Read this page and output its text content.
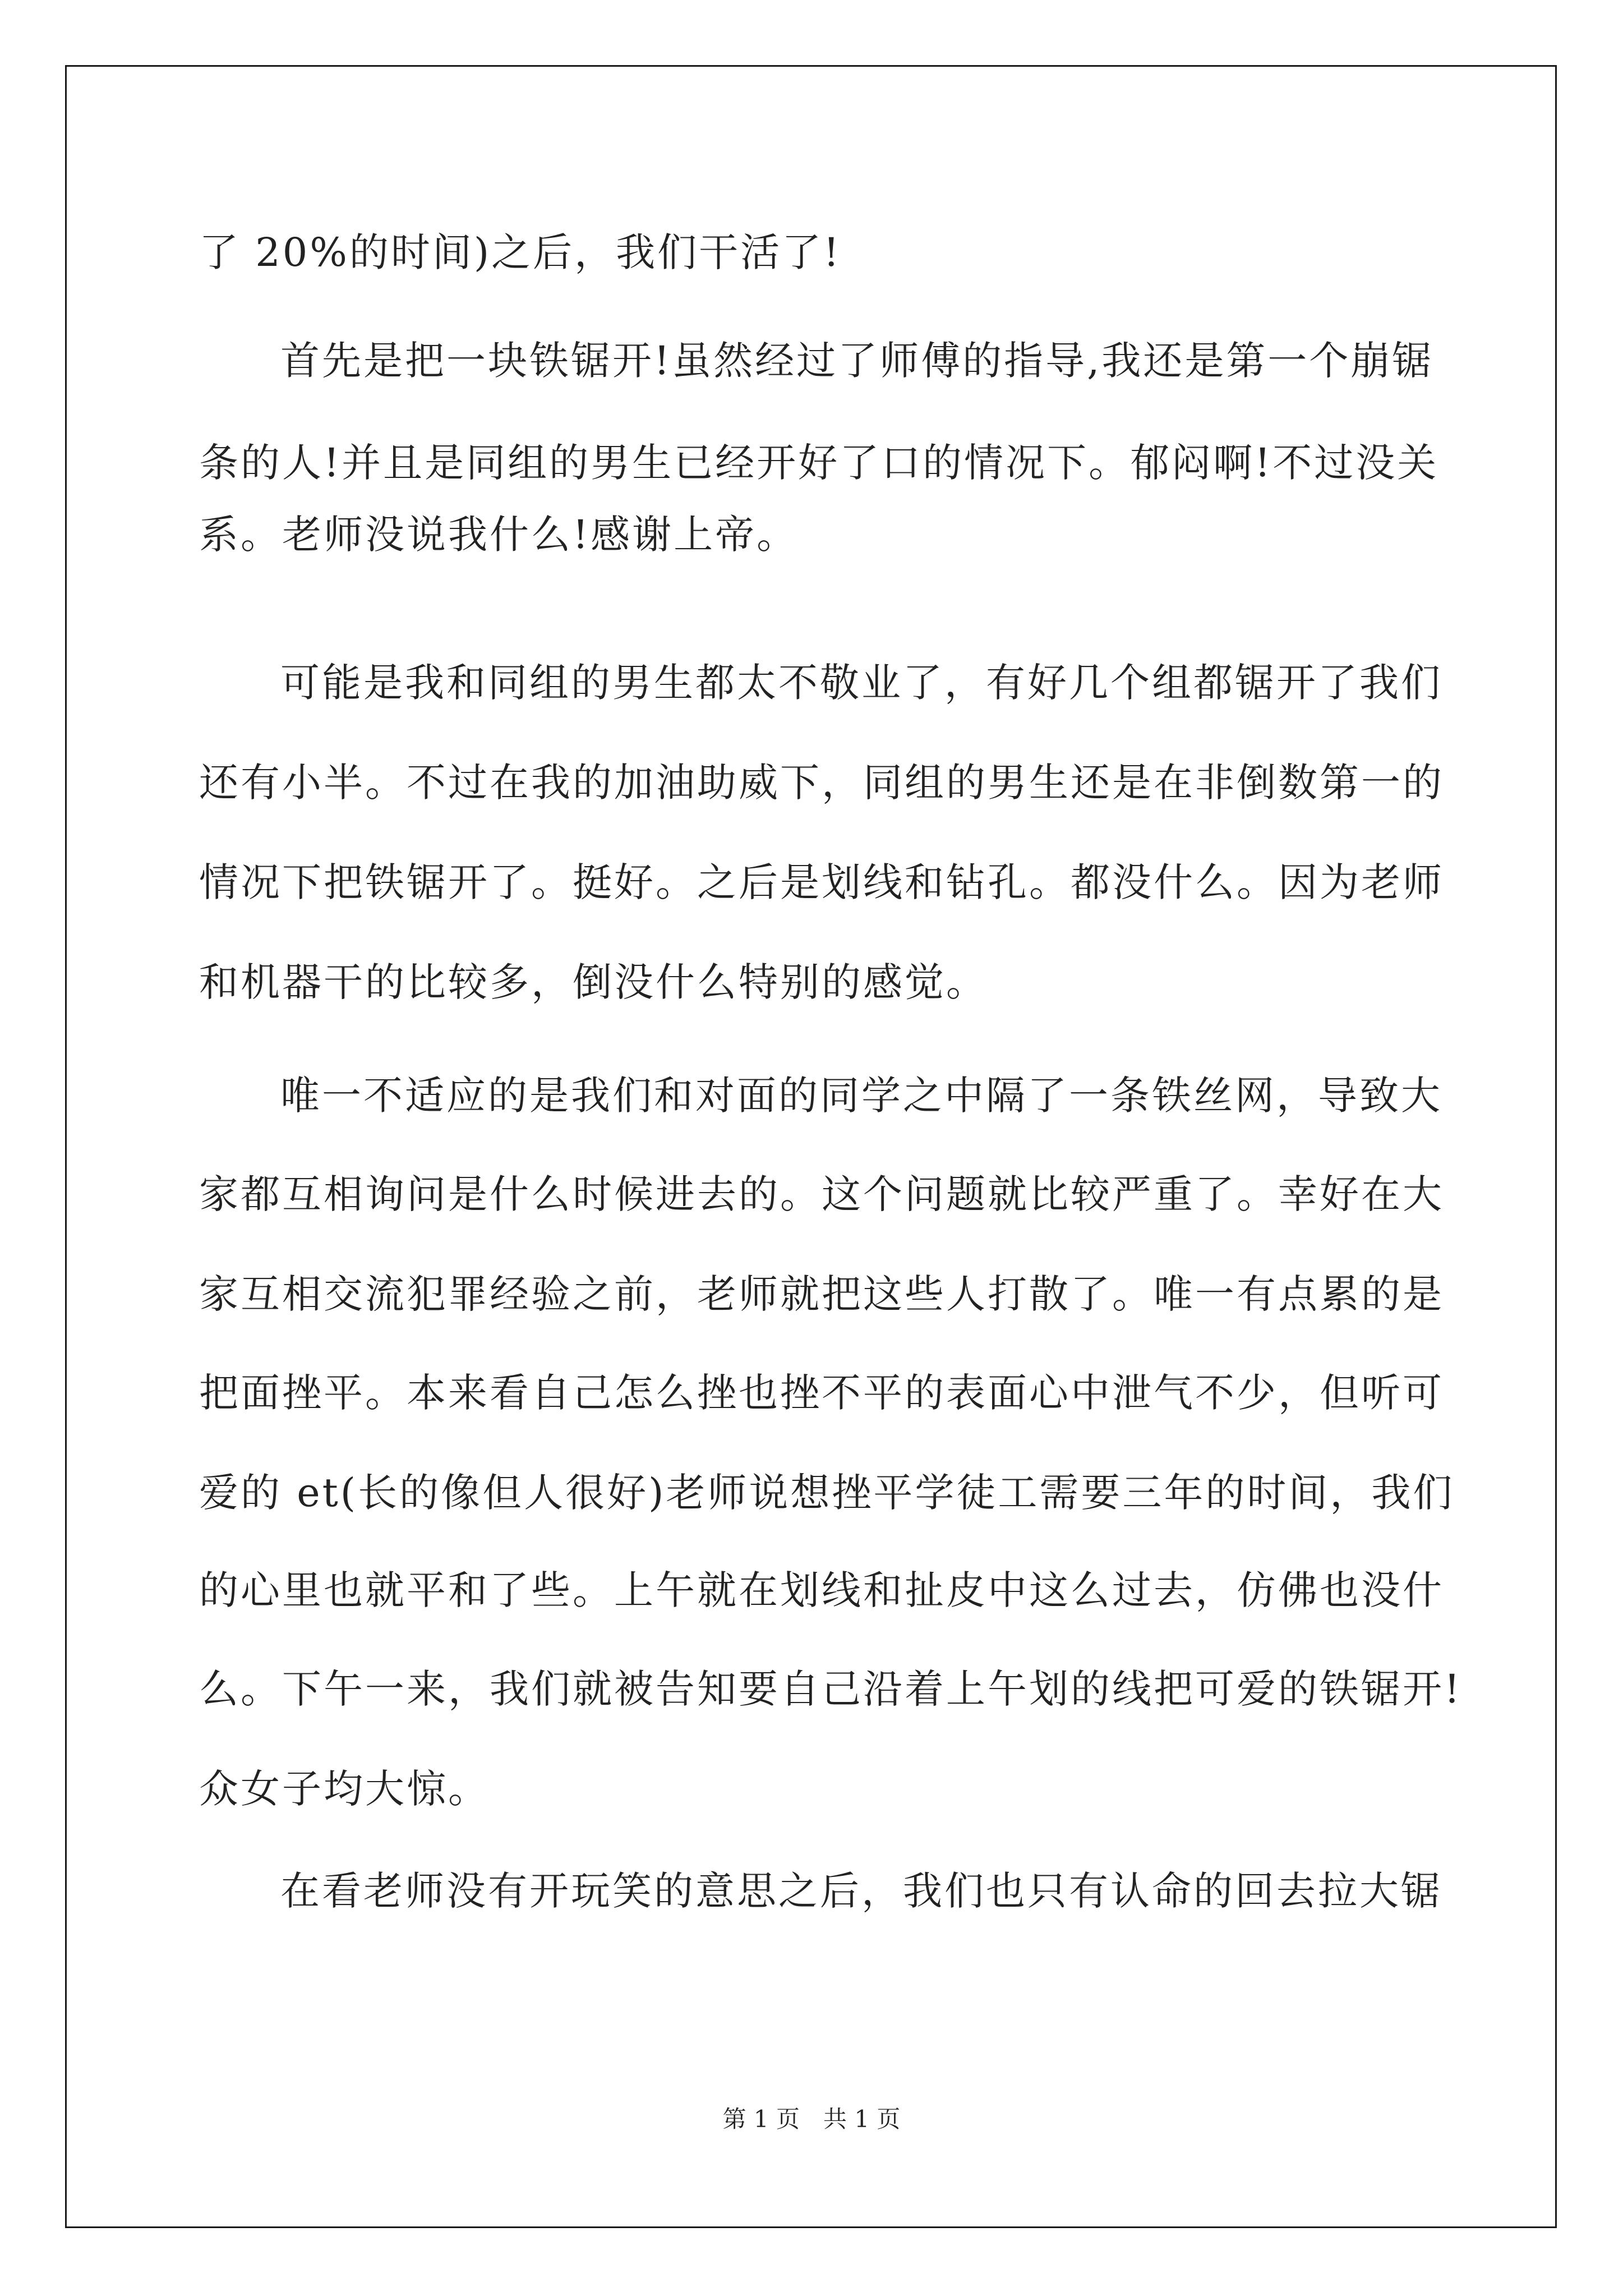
了 20%的时间)之后，我们干活了!
首先是把一块铁锯开!虽然经过了师傅的指导,我还是第一个崩锯
条的人!并且是同组的男生已经开好了口的情况下。郁闷啊!不过没关
系。老师没说我什么!感谢上帝。
可能是我和同组的男生都太不敬业了，有好几个组都锯开了我们
还有小半。不过在我的加油助威下，同组的男生还是在非倒数第一的
情况下把铁锯开了。挺好。之后是划线和钻孔。都没什么。因为老师
和机器干的比较多，倒没什么特别的感觉。
唯一不适应的是我们和对面的同学之中隔了一条铁丝网，导致大
家都互相询问是什么时候进去的。这个问题就比较严重了。幸好在大
家互相交流犯罪经验之前，老师就把这些人打散了。唯一有点累的是
把面挫平。本来看自己怎么挫也挫不平的表面心中泄气不少，但听可
爱的 et(长的像但人很好)老师说想挫平学徒工需要三年的时间，我们
的心里也就平和了些。上午就在划线和扯皮中这么过去，仿佛也没什
么。下午一来，我们就被告知要自己沿着上午划的线把可爱的铁锯开!
众女子均大惊。
在看老师没有开玩笑的意思之后，我们也只有认命的回去拉大锯
第 1 页　共 1 页
